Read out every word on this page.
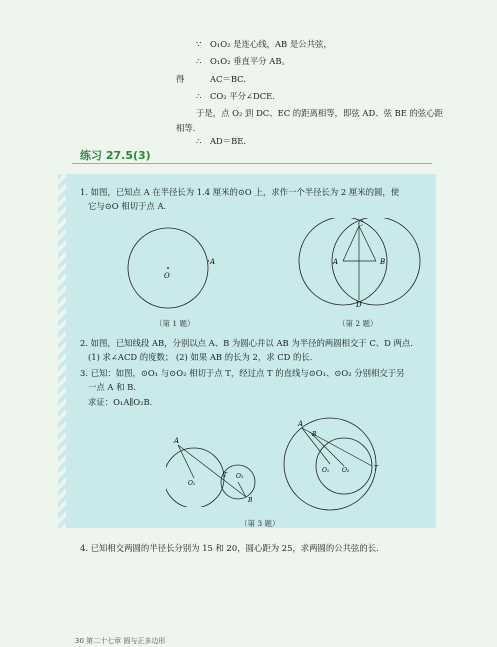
∵ O₁O₂ 是连心线，AB 是公共弦，
∴ O₁O₂ 垂直平分 AB。
得	AC＝BC.
∴ CO₂ 平分∠DCE.
于是，点 O₂ 到 DC、EC 的距离相等，即弦 AD、弦 BE 的弦心距
相等.
∴ AD＝BE.
练习 27.5(3)
1. 如图，已知点 A 在半径长为 1.4 厘米的⊙O 上，求作一个半径长为 2 厘米的圆，使
它与⊙O 相切于点 A.
O
A
（第 1 题）
A	B
C
D
（第 2 题）
2. 如图，已知线段 AB，分别以点 A、B 为圆心并以 AB 为半径的两圆相交于 C、D 两点.
(1) 求∠ACD 的度数； (2) 如果 AB 的长为 2，求 CD 的长.
3. 已知：如图，⊙O₁ 与⊙O₂ 相切于点 T，经过点 T 的直线与⊙O₁、⊙O₂ 分别相交于另
一点 A 和 B.
求证：O₁A∥O₂B.
A
O₁
T O₂
B
A
O₁ O₂	T
B
（第 3 题）
4. 已知相交两圆的半径长分别为 15 和 20，圆心距为 25，求两圆的公共弦的长.
30 第二十七章 圆与正多边形
